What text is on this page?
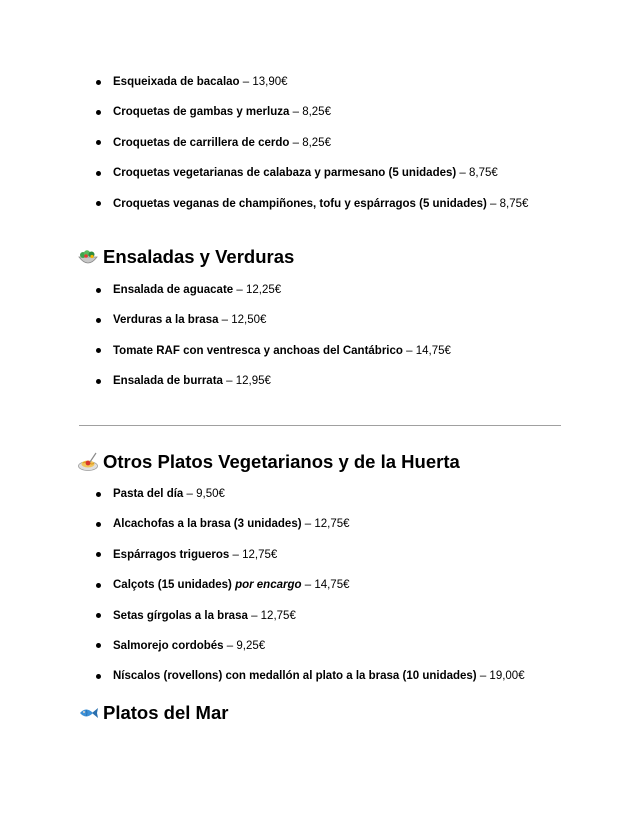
Esqueixada de bacalao – 13,90€
Croquetas de gambas y merluza – 8,25€
Croquetas de carrillera de cerdo – 8,25€
Croquetas vegetarianas de calabaza y parmesano (5 unidades) – 8,75€
Croquetas veganas de champiñones, tofu y espárragos (5 unidades) – 8,75€
Ensaladas y Verduras
Ensalada de aguacate – 12,25€
Verduras a la brasa – 12,50€
Tomate RAF con ventresca y anchoas del Cantábrico – 14,75€
Ensalada de burrata – 12,95€
Otros Platos Vegetarianos y de la Huerta
Pasta del día – 9,50€
Alcachofas a la brasa (3 unidades) – 12,75€
Espárragos trigueros – 12,75€
Calçots (15 unidades) por encargo – 14,75€
Setas gírgolas a la brasa – 12,75€
Salmorejo cordobés – 9,25€
Níscalos (rovellons) con medallón al plato a la brasa (10 unidades) – 19,00€
Platos del Mar
